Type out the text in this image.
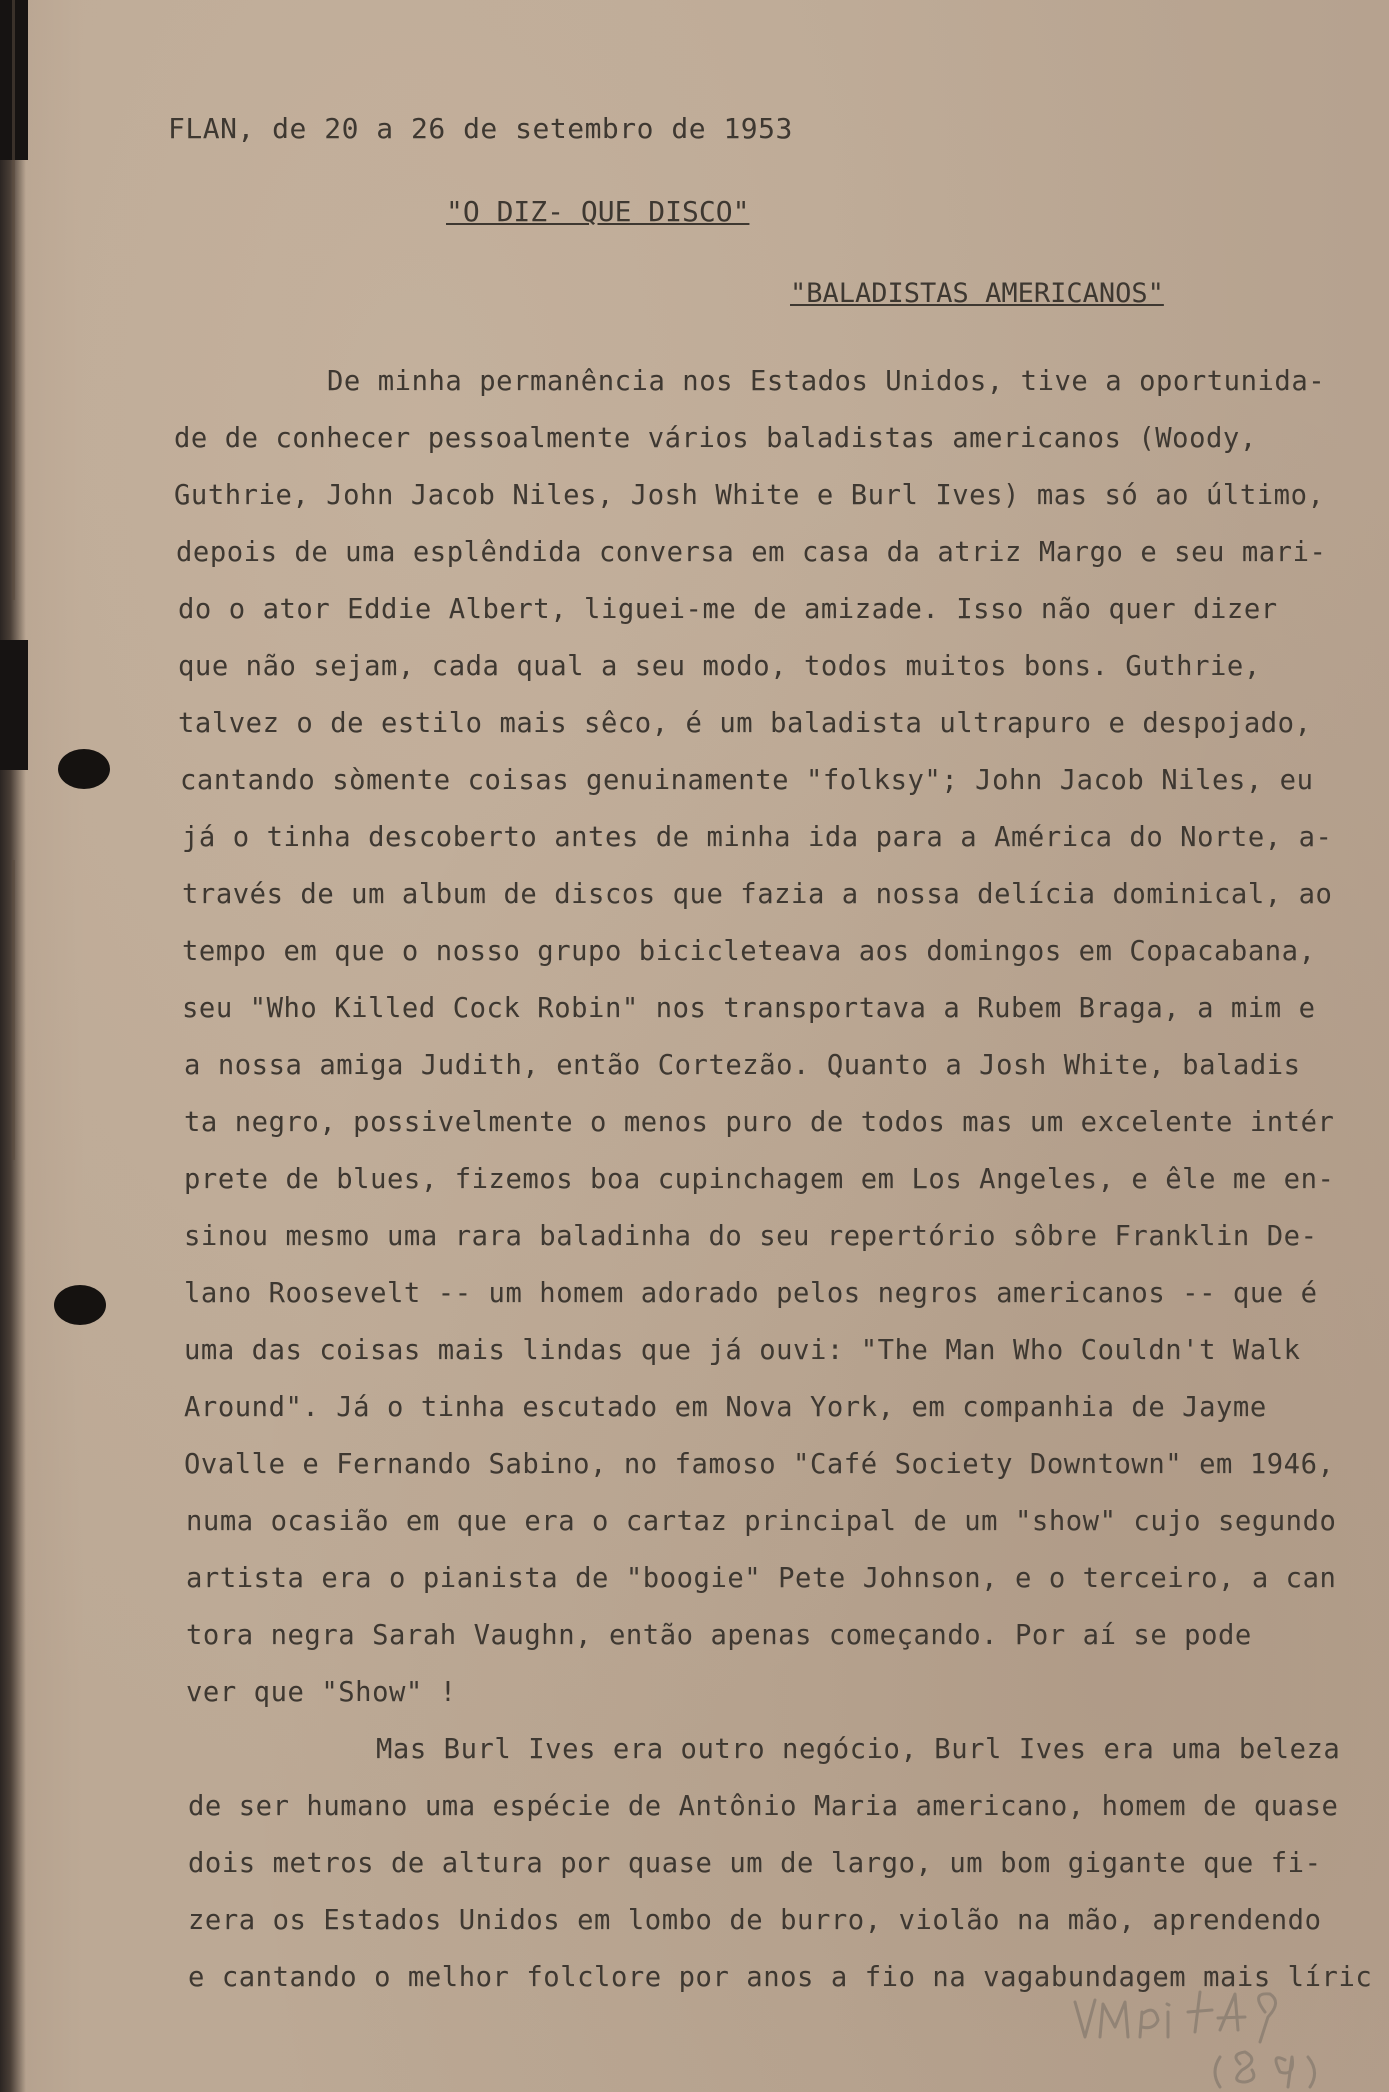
FLAN, de 20 a 26 de setembro de 1953
"O DIZ- QUE DISCO"
"BALADISTAS AMERICANOS"
De minha permanência nos Estados Unidos, tive a oportunida-
de de conhecer pessoalmente vários baladistas americanos (Woody,
Guthrie, John Jacob Niles, Josh White e Burl Ives) mas só ao último,
depois de uma esplêndida conversa em casa da atriz Margo e seu mari-
do o ator Eddie Albert, liguei-me de amizade. Isso não quer dizer
que não sejam, cada qual a seu modo, todos muitos bons. Guthrie,
talvez o de estilo mais sêco, é um baladista ultrapuro e despojado,
cantando sòmente coisas genuinamente "folksy"; John Jacob Niles, eu
já o tinha descoberto antes de minha ida para a América do Norte, a-
través de um album de discos que fazia a nossa delícia dominical, ao
tempo em que o nosso grupo bicicleteava aos domingos em Copacabana,
seu "Who Killed Cock Robin" nos transportava a Rubem Braga, a mim e
a nossa amiga Judith, então Cortezão. Quanto a Josh White, baladis
ta negro, possivelmente o menos puro de todos mas um excelente intér
prete de blues, fizemos boa cupinchagem em Los Angeles, e êle me en-
sinou mesmo uma rara baladinha do seu repertório sôbre Franklin De-
lano Roosevelt -- um homem adorado pelos negros americanos -- que é
uma das coisas mais lindas que já ouvi: "The Man Who Couldn't Walk
Around". Já o tinha escutado em Nova York, em companhia de Jayme
Ovalle e Fernando Sabino, no famoso "Café Society Downtown" em 1946,
numa ocasião em que era o cartaz principal de um "show" cujo segundo
artista era o pianista de "boogie" Pete Johnson, e o terceiro, a can
tora negra Sarah Vaughn, então apenas começando. Por aí se pode
ver que "Show" !
Mas Burl Ives era outro negócio, Burl Ives era uma beleza
de ser humano uma espécie de Antônio Maria americano, homem de quase
dois metros de altura por quase um de largo, um bom gigante que fi-
zera os Estados Unidos em lombo de burro, violão na mão, aprendendo
e cantando o melhor folclore por anos a fio na vagabundagem mais líric
